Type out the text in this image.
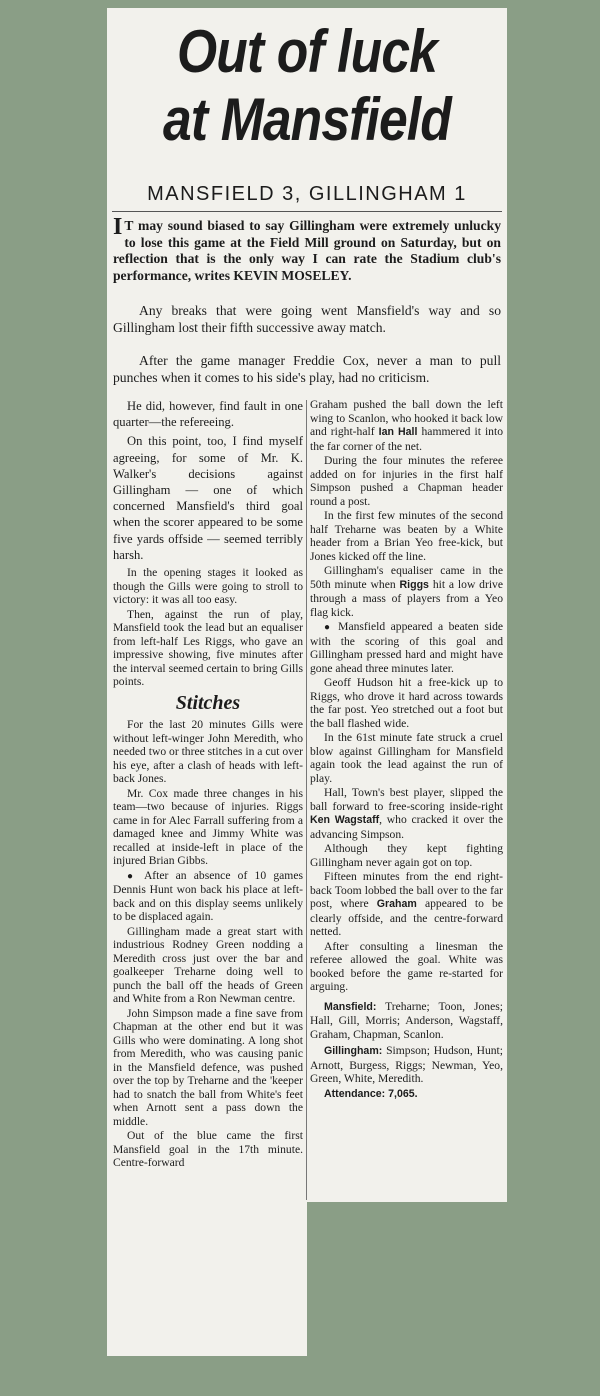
Out of luck
at Mansfield
MANSFIELD 3, GILLINGHAM 1
I T may sound biased to say Gillingham were extremely unlucky to lose this game at the Field Mill ground on Saturday, but on reflection that is the only way I can rate the Stadium club's performance, writes KEVIN MOSELEY.

Any breaks that were going went Mansfield's way and so Gillingham lost their fifth successive away match.

After the game manager Freddie Cox, never a man to pull punches when it comes to his side's play, had no criticism.

He did, however, find fault in one quarter—the refereeing.

On this point, too, I find myself agreeing, for some of Mr. K. Walker's decisions against Gillingham — one of which concerned Mansfield's third goal when the scorer appeared to be some five yards offside — seemed terribly harsh.

In the opening stages it looked as though the Gills were going to stroll to victory: it was all too easy.

Then, against the run of play, Mansfield took the lead but an equaliser from left-half Les Riggs, who gave an impressive showing, five minutes after the interval seemed certain to bring Gills points.

Stitches

For the last 20 minutes Gills were without left-winger John Meredith, who needed two or three stitches in a cut over his eye, after a clash of heads with left-back Jones.

Mr. Cox made three changes in his team—two because of injuries. Riggs came in for Alec Farrall suffering from a damaged knee and Jimmy White was recalled at inside-left in place of the injured Brian Gibbs.

● After an absence of 10 games Dennis Hunt won back his place at left-back and on this display seems unlikely to be displaced again.

Gillingham made a great start with industrious Rodney Green nodding a Meredith cross just over the bar and goalkeeper Treharne doing well to punch the ball off the heads of Green and White from a Ron Newman centre.

John Simpson made a fine save from Chapman at the other end but it was Gills who were dominating. A long shot from Meredith, who was causing panic in the Mansfield defence, was pushed over the top by Treharne and the 'keeper had to snatch the ball from White's feet when Arnott sent a pass down the middle.

Out of the blue came the first Mansfield goal in the 17th minute. Centre-forward

Graham pushed the ball down the left wing to Scanlon, who hooked it back low and right-half Ian Hall hammered it into the far corner of the net.

During the four minutes the referee added on for injuries in the first half Simpson pushed a Chapman header round a post.

In the first few minutes of the second half Treharne was beaten by a White header from a Brian Yeo free-kick, but Jones kicked off the line.

Gillingham's equaliser came in the 50th minute when Riggs hit a low drive through a mass of players from a Yeo flag kick.

● Mansfield appeared a beaten side with the scoring of this goal and Gillingham pressed hard and might have gone ahead three minutes later.

Geoff Hudson hit a free-kick up to Riggs, who drove it hard across towards the far post. Yeo stretched out a foot but the ball flashed wide.

In the 61st minute fate struck a cruel blow against Gillingham for Mansfield again took the lead against the run of play.

Hall, Town's best player, slipped the ball forward to free-scoring inside-right Ken Wagstaff, who cracked it over the advancing Simpson.

Although they kept fighting Gillingham never again got on top.

Fifteen minutes from the end right-back Toom lobbed the ball over to the far post, where Graham appeared to be clearly offside, and the centre-forward netted.

After consulting a linesman the referee allowed the goal. White was booked before the game re-started for arguing.

Mansfield: Treharne; Toon, Jones; Hall, Gill, Morris; Anderson, Wagstaff, Graham, Chapman, Scanlon.

Gillingham: Simpson; Hudson, Hunt; Arnott, Burgess, Riggs; Newman, Yeo, Green, White, Meredith.

Attendance: 7,065.
